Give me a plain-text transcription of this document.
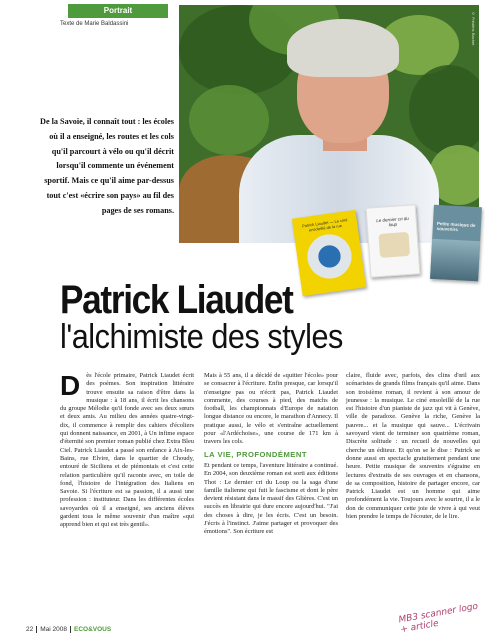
Portrait
Texte de Marie Baldassini	© Frédéric Bachet
Patrick Liaudet — Le ciné ensoleillé de la rue
Le dernier cri du loup	Petite musique de souvenirs
De la Savoie, il connaît tout : les écoles où il a enseigné, les routes et les cols qu'il parcourt à vélo ou qu'il décrit lorsqu'il commente un événement sportif. Mais ce qu'il aime par-dessus tout c'est «écrire son pays» au fil des pages de ses romans.
Patrick Liaudet
l'alchimiste des styles
Dès l'école primaire, Patrick Liaudet écrit des poèmes. Son inspiration littéraire trouve ensuite sa raison d'être dans la musique : à 18 ans, il écrit les chansons du groupe Mélodie qu'il fonde avec ses deux sœurs et deux amis. Au milieu des années quatre-vingt-dix, il commence à remplir des cahiers d'écoliers qui donnent naissance, en 2001, à Un infime espace d'éternité son premier roman publié chez Extra Bleu Ciel. Patrick Liaudet a passé son enfance à Aix-les-Bains, rue Elvire, dans le quartier de Choudy, entouré de Siciliens et de piémontais et c'est cette relation particulière qu'il raconte avec, en toile de fond, l'histoire de l'intégration des Italiens en Savoie. Si l'écriture est sa passion, il a aussi une profession : instituteur. Dans les différentes écoles savoyardes où il a enseigné, ses anciens élèves gardent tous le même souvenir d'un maître «qui apprend bien et qui est très gentil».

Mais à 55 ans, il a décidé de «quitter l'école» pour se consacrer à l'écriture. Enfin presque, car lorsqu'il n'enseigne pas ou n'écrit pas, Patrick Liaudet commente, des courses à pied, des matchs de football, les championnats d'Europe de natation longue distance ou encore, le marathon d'Annecy. Il pratique aussi, le vélo et s'entraîne actuellement pour «l'Ardéchoise», une course de 171 km à travers les cols.

LA VIE, PROFONDÉMENT

Et pendant ce temps, l'aventure littéraire a continué. En 2004, son deuxième roman est sorti aux éditions Thot : Le dernier cri du Loup ou la saga d'une famille italienne qui fuit le fascisme et dont le père devient résistant dans le massif des Glières. C'est un succès en librairie qui dure encore aujourd'hui. "J'ai des choses à dire, je les écris. C'est un besoin. J'écris à l'instinct. J'aime partager et provoquer des émotions". Son écriture est

claire, fluide avec, parfois, des clins d'œil aux scénaristes de grands films français qu'il aime. Dans son troisième roman, il revient à son amour de jeunesse : la musique. Le ciné ensoleillé de la rue est l'histoire d'un pianiste de jazz qui vit à Genève, ville de paradoxe. Genève la riche, Genève la pauvre... et la musique qui sauve... L'écrivain savoyard vient de terminer son quatrième roman, Discrète solitude : un recueil de nouvelles qui cherche un éditeur. Et qu'on se le dise : Patrick se donne aussi en spectacle gratuitement pendant une heure. Petite musique de souvenirs s'égraine en lectures d'extraits de ses ouvrages et en chansons, de sa composition, histoire de partager encore, car Patrick Liaudet est un homme qui aime profondément la vie. Toujours avec le sourire, il a le don de communiquer cette joie de vivre à qui veut bien prendre le temps de l'écouter, de le lire.

22 Mai 2008 ECO&VOUS
MB3 scanner logo + article
